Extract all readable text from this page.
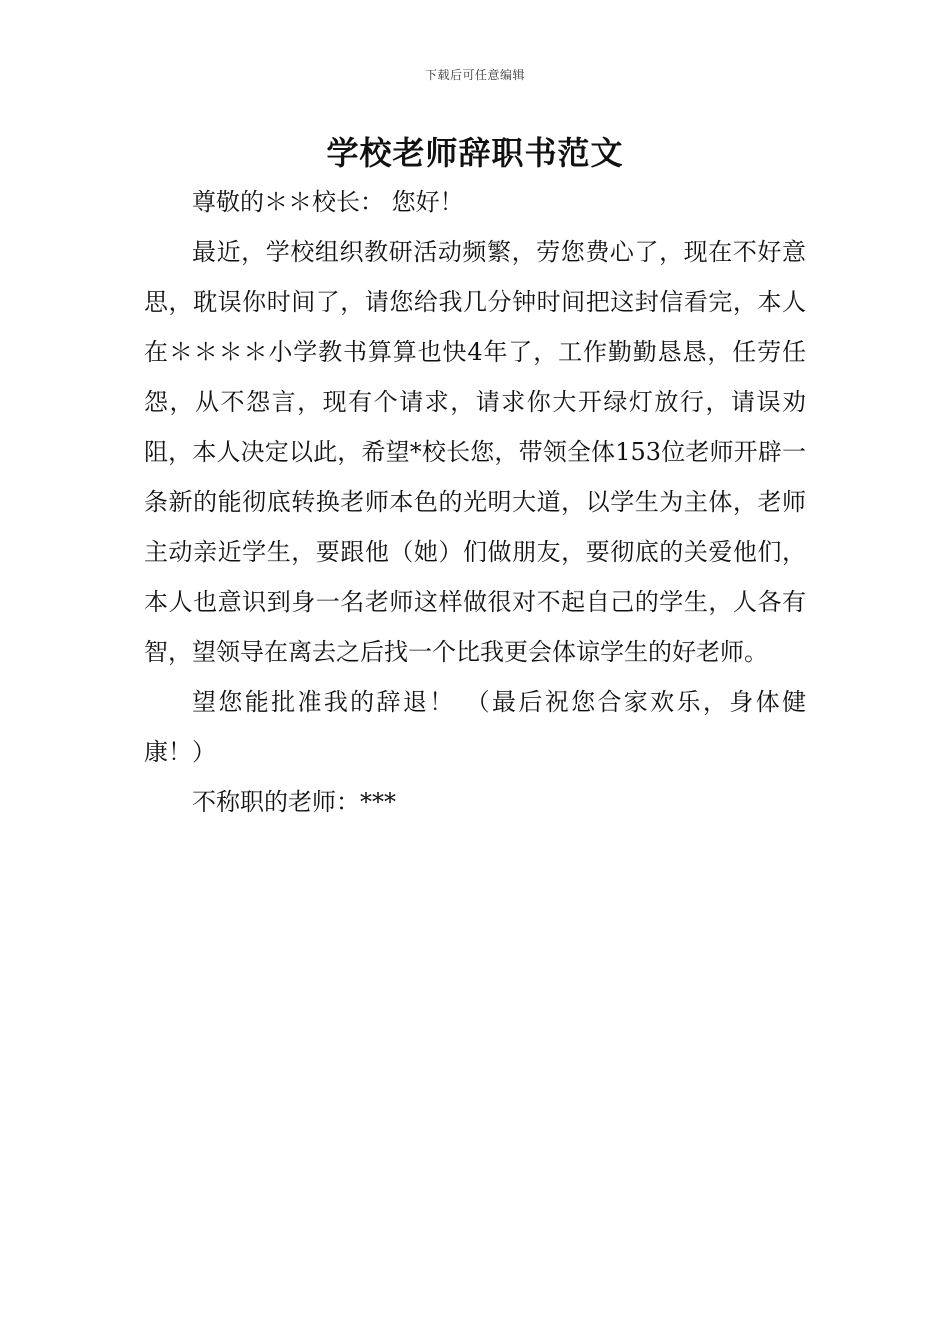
下载后可任意编辑
学校老师辞职书范文

尊敬的＊＊校长： 您好！

最近，学校组织教研活动频繁，劳您费心了，现在不好意思，耽误你时间了，请您给我几分钟时间把这封信看完，本人在＊＊＊＊小学教书算算也快4年了，工作勤勤恳恳，任劳任怨，从不怨言，现有个请求，请求你大开绿灯放行，请误劝阻，本人决定以此，希望*校长您，带领全体153位老师开辟一条新的能彻底转换老师本色的光明大道，以学生为主体，老师主动亲近学生，要跟他（她）们做朋友，要彻底的关爱他们，本人也意识到身一名老师这样做很对不起自己的学生，人各有智，望领导在离去之后找一个比我更会体谅学生的好老师。

望您能批准我的辞退！ （最后祝您合家欢乐，身体健康！）

不称职的老师：***
